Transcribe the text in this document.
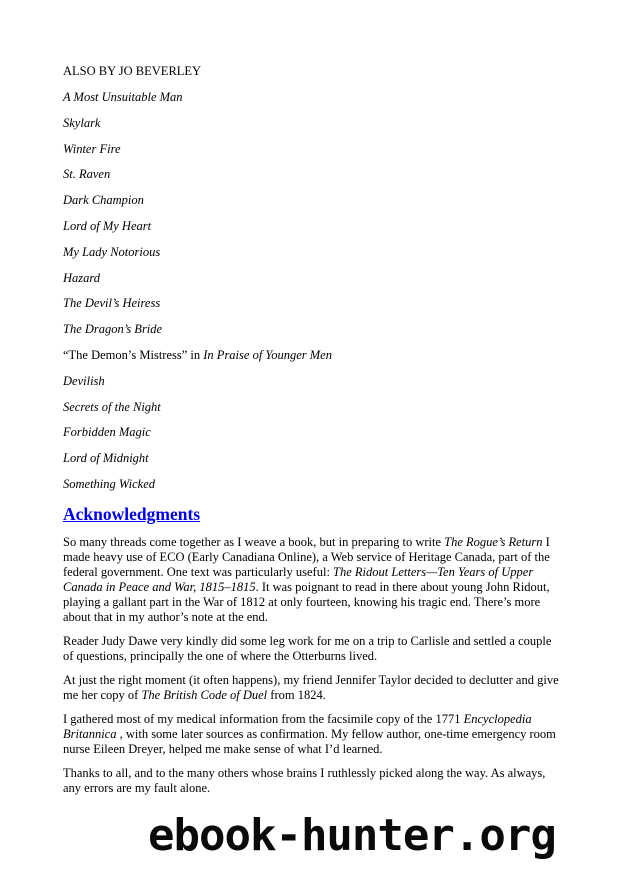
ALSO BY JO BEVERLEY

A Most Unsuitable Man
Skylark
Winter Fire
St. Raven
Dark Champion
Lord of My Heart
My Lady Notorious
Hazard
The Devil’s Heiress
The Dragon’s Bride
“The Demon’s Mistress” in In Praise of Younger Men
Devilish
Secrets of the Night
Forbidden Magic
Lord of Midnight
Something Wicked
Acknowledgments

So many threads come together as I weave a book, but in preparing to write The Rogue’s Return I made heavy use of ECO (Early Canadiana Online), a Web service of Heritage Canada, part of the federal government. One text was particularly useful: The Ridout Letters—Ten Years of Upper Canada in Peace and War, 1815–1815. It was poignant to read in there about young John Ridout, playing a gallant part in the War of 1812 at only fourteen, knowing his tragic end. There’s more about that in my author’s note at the end.

Reader Judy Dawe very kindly did some leg work for me on a trip to Carlisle and settled a couple of questions, principally the one of where the Otterburns lived.

At just the right moment (it often happens), my friend Jennifer Taylor decided to declutter and give me her copy of The British Code of Duel from 1824.

I gathered most of my medical information from the facsimile copy of the 1771 Encyclopedia Britannica , with some later sources as confirmation. My fellow author, one-time emergency room nurse Eileen Dreyer, helped me make sense of what I’d learned.

Thanks to all, and to the many others whose brains I ruthlessly picked along the way. As always, any errors are my fault alone.

ebook-hunter.org
